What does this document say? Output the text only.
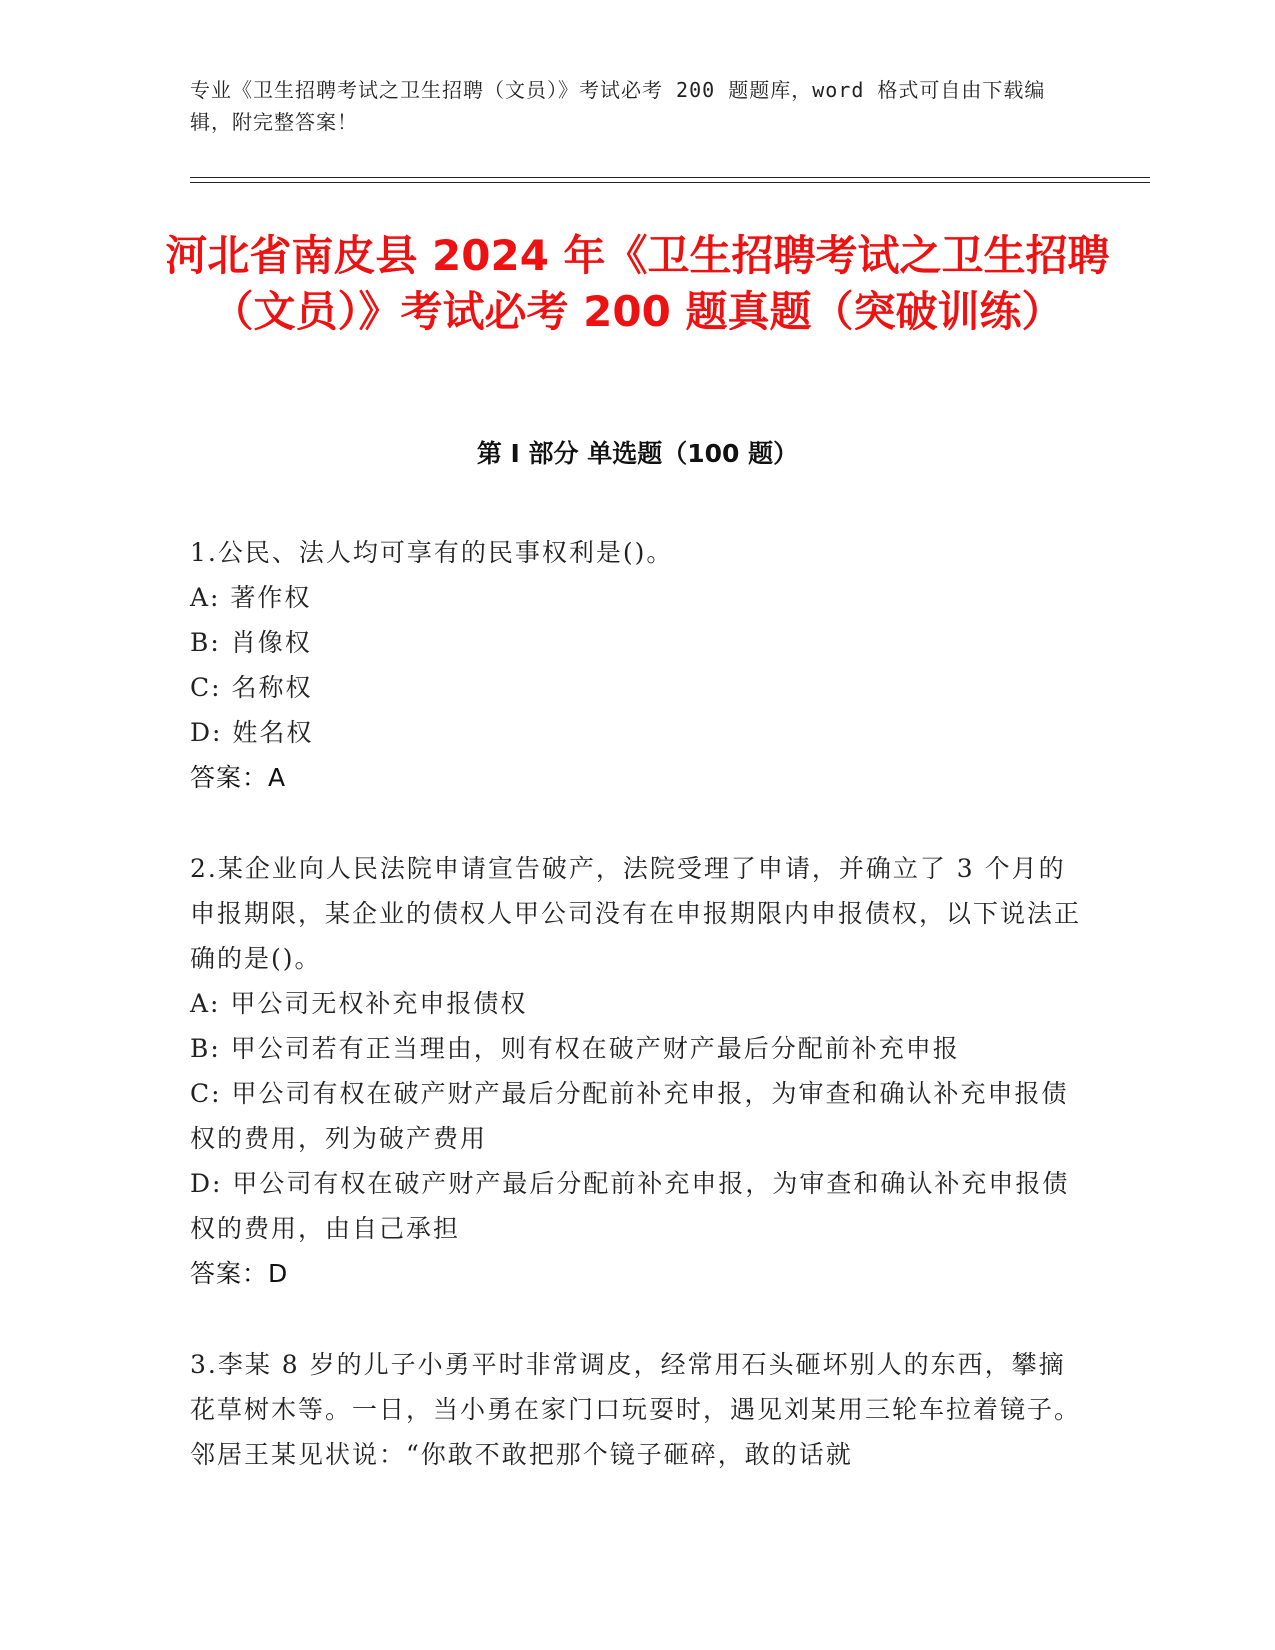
专业《卫生招聘考试之卫生招聘（文员）》考试必考 200 题题库，word 格式可自由下载编辑，附完整答案！
河北省南皮县 2024 年《卫生招聘考试之卫生招聘（文员）》考试必考 200 题真题（突破训练）
第 I 部分 单选题（100 题）

1.公民、法人均可享有的民事权利是()。

A: 著作权
B: 肖像权
C: 名称权
D: 姓名权

答案：A

2.某企业向人民法院申请宣告破产，法院受理了申请，并确立了 3 个月的申报期限，某企业的债权人甲公司没有在申报期限内申报债权，以下说法正确的是()。

A: 甲公司无权补充申报债权
B: 甲公司若有正当理由，则有权在破产财产最后分配前补充申报
C: 甲公司有权在破产财产最后分配前补充申报，为审查和确认补充申报债权的费用，列为破产费用
D: 甲公司有权在破产财产最后分配前补充申报，为审查和确认补充申报债权的费用，由自己承担

答案：D

3.李某 8 岁的儿子小勇平时非常调皮，经常用石头砸坏别人的东西，攀摘花草树木等。一日，当小勇在家门口玩耍时，遇见刘某用三轮车拉着镜子。邻居王某见状说：“你敢不敢把那个镜子砸碎，敢的话就
